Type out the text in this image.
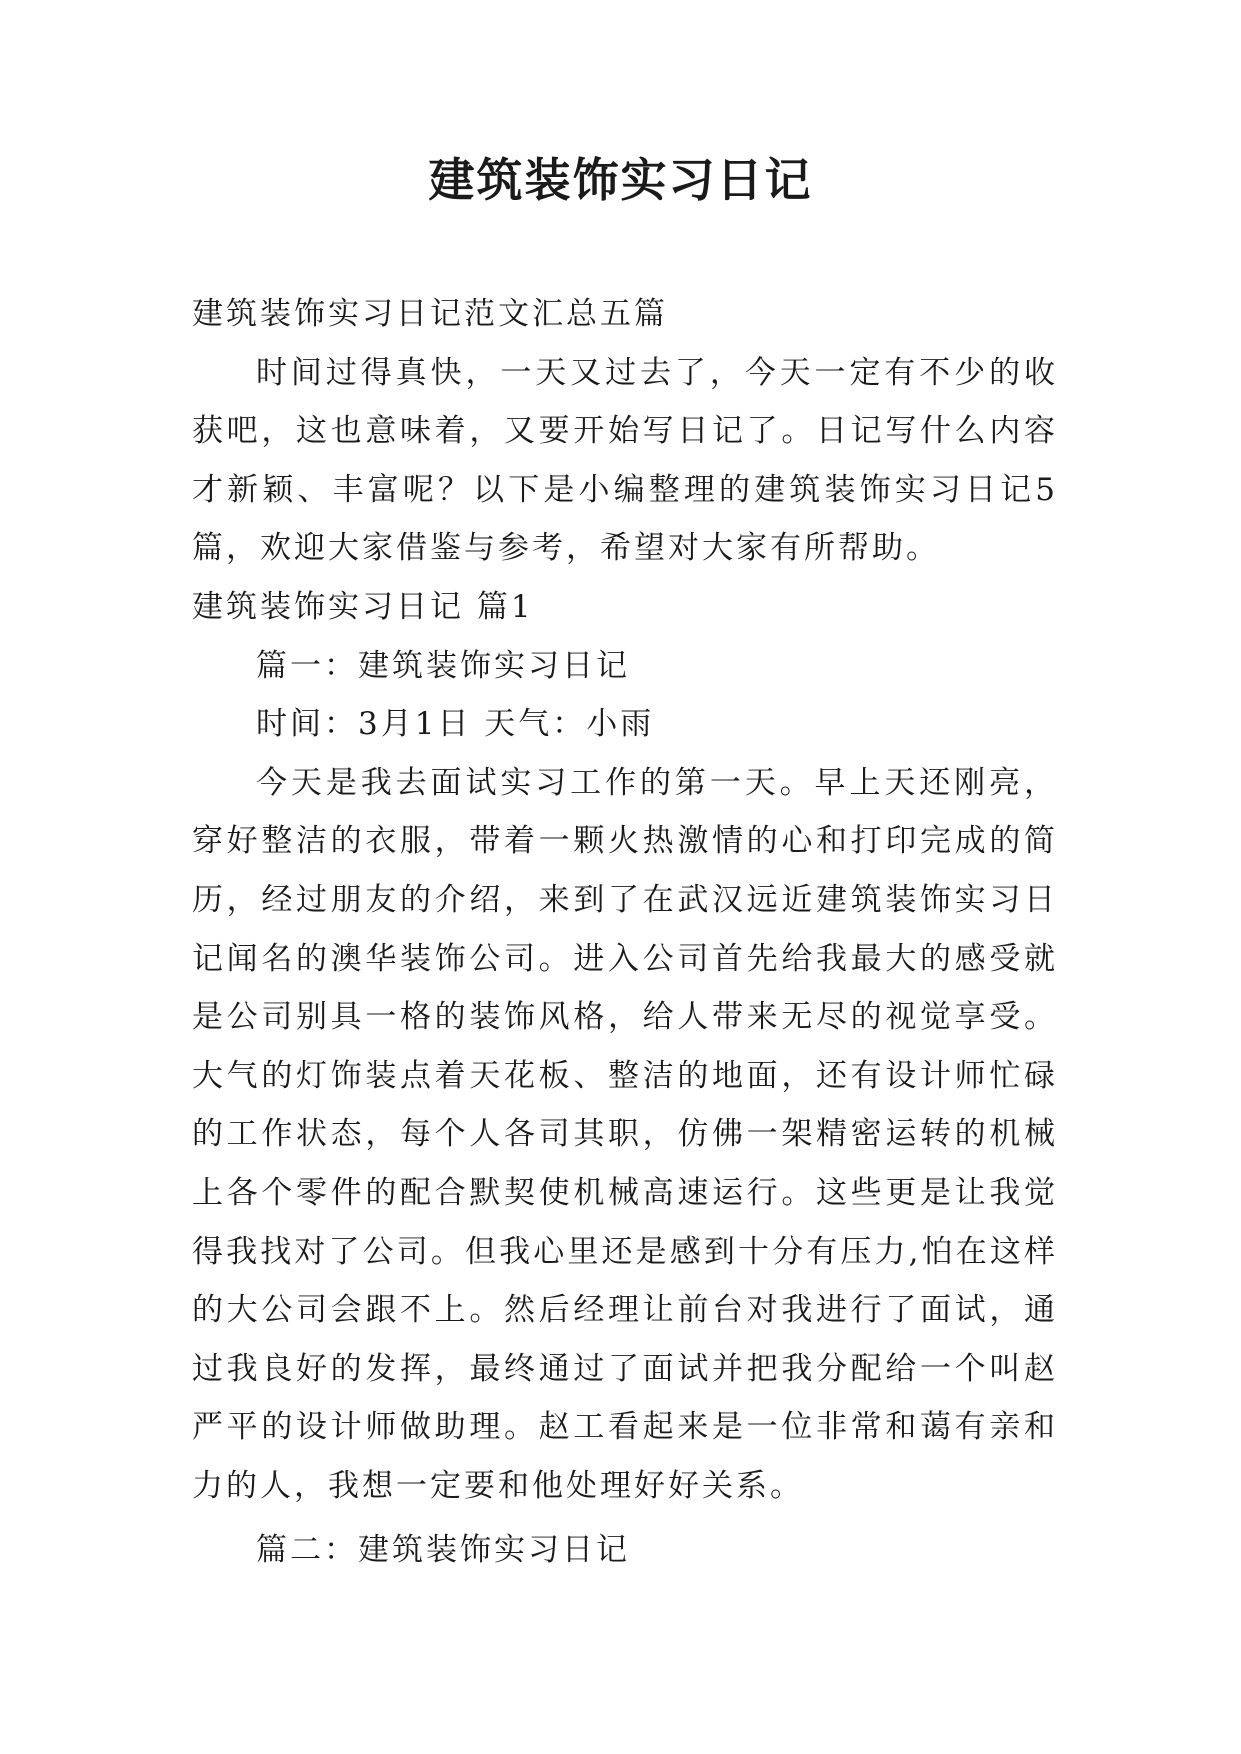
建筑装饰实习日记

建筑装饰实习日记范文汇总五篇

时间过得真快，一天又过去了，今天一定有不少的收获吧，这也意味着，又要开始写日记了。日记写什么内容才新颖、丰富呢？以下是小编整理的建筑装饰实习日记5篇，欢迎大家借鉴与参考，希望对大家有所帮助。

建筑装饰实习日记 篇1

篇一：建筑装饰实习日记

时间：3月1日 天气：小雨

今天是我去面试实习工作的第一天。早上天还刚亮，穿好整洁的衣服，带着一颗火热激情的心和打印完成的简历，经过朋友的介绍，来到了在武汉远近建筑装饰实习日记闻名的澳华装饰公司。进入公司首先给我最大的感受就是公司别具一格的装饰风格，给人带来无尽的视觉享受。大气的灯饰装点着天花板、整洁的地面，还有设计师忙碌的工作状态，每个人各司其职，仿佛一架精密运转的机械上各个零件的配合默契使机械高速运行。这些更是让我觉得我找对了公司。但我心里还是感到十分有压力,怕在这样的大公司会跟不上。然后经理让前台对我进行了面试，通过我良好的发挥，最终通过了面试并把我分配给一个叫赵严平的设计师做助理。赵工看起来是一位非常和蔼有亲和力的人，我想一定要和他处理好好关系。

篇二：建筑装饰实习日记
